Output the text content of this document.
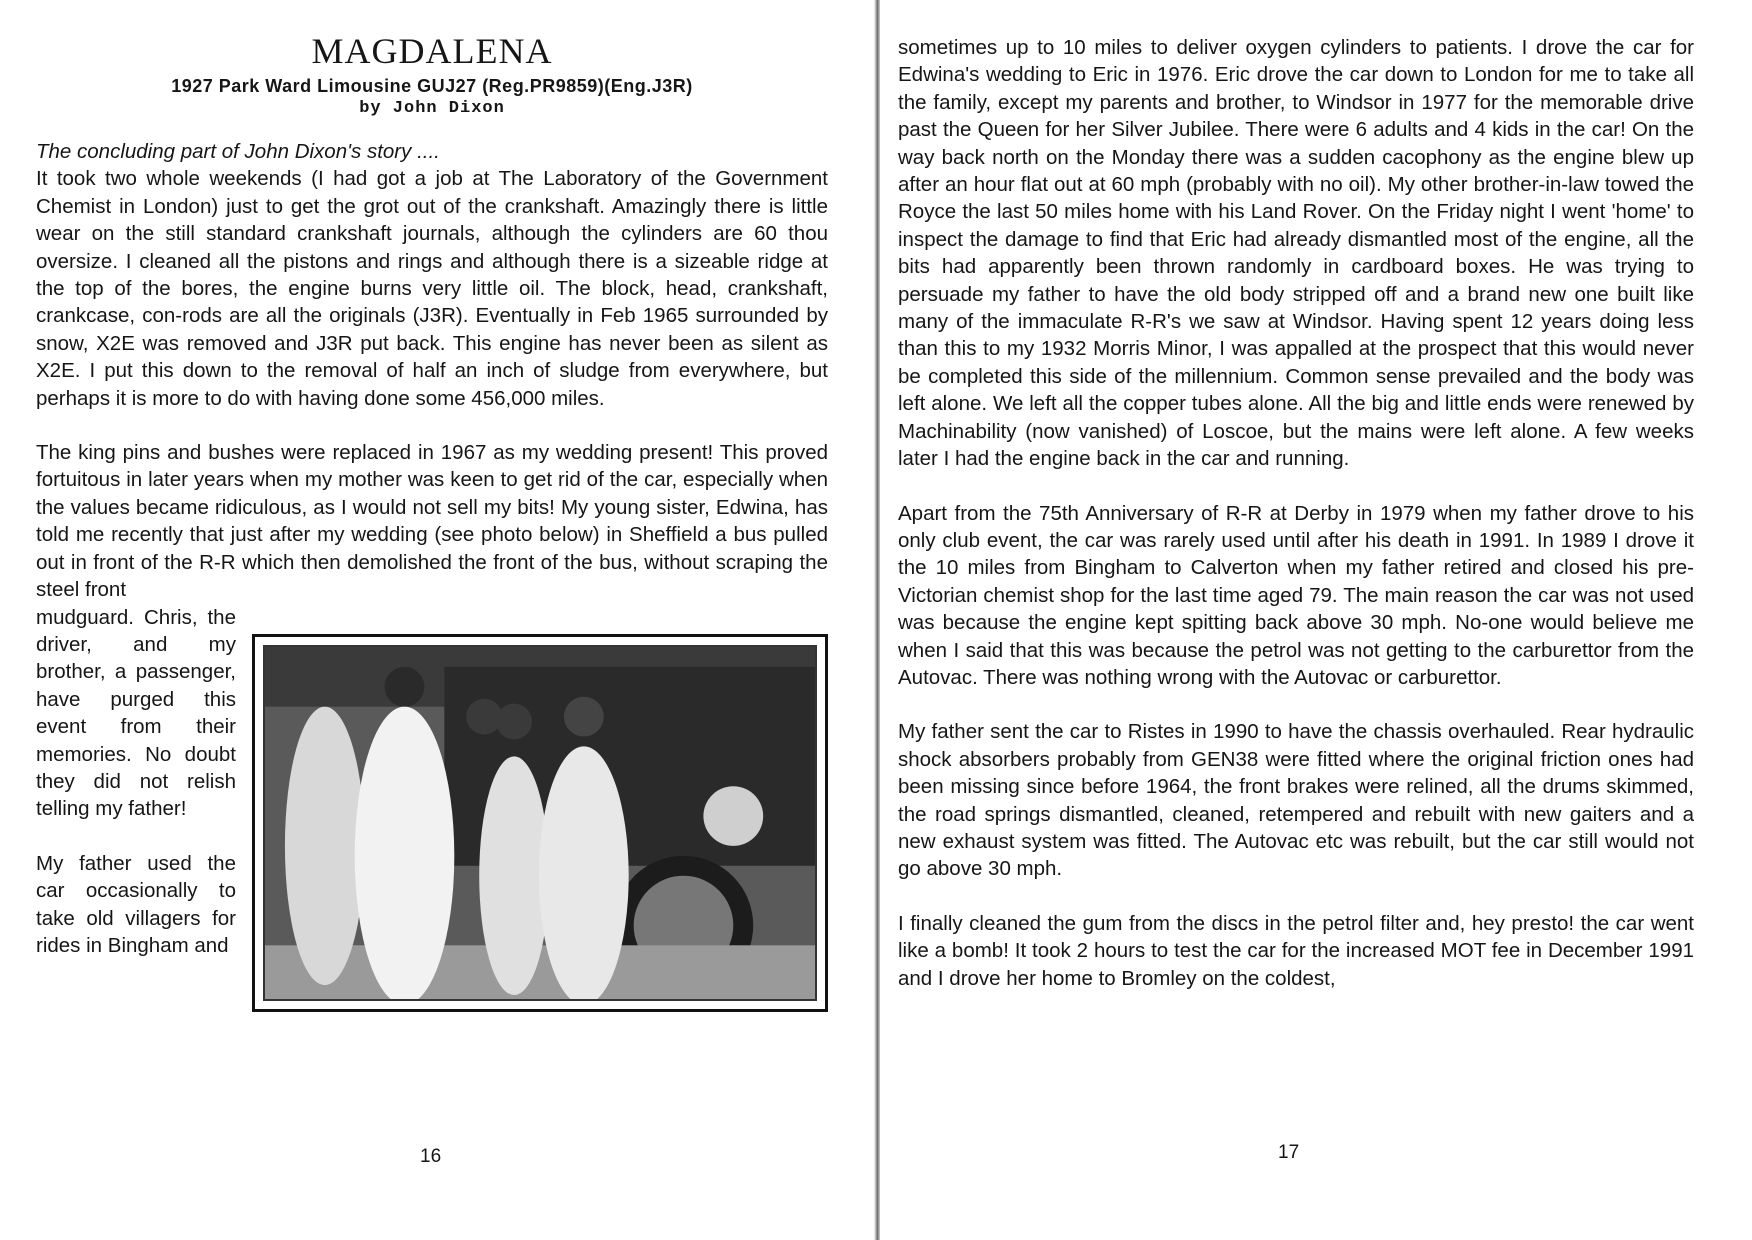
MAGDALENA
1927 Park Ward Limousine GUJ27 (Reg.PR9859)(Eng.J3R)
by John Dixon

The concluding part of John Dixon's story ....

It took two whole weekends (I had got a job at The Laboratory of the Government Chemist in London) just to get the grot out of the crankshaft. Amazingly there is little wear on the still standard crankshaft journals, although the cylinders are 60 thou oversize. I cleaned all the pistons and rings and although there is a sizeable ridge at the top of the bores, the engine burns very little oil. The block, head, crankshaft, crankcase, con-rods are all the originals (J3R). Eventually in Feb 1965 surrounded by snow, X2E was removed and J3R put back. This engine has never been as silent as X2E. I put this down to the removal of half an inch of sludge from everywhere, but perhaps it is more to do with having done some 456,000 miles.

The king pins and bushes were replaced in 1967 as my wedding present! This proved fortuitous in later years when my mother was keen to get rid of the car, especially when the values became ridiculous, as I would not sell my bits! My young sister, Edwina, has told me recently that just after my wedding (see photo below) in Sheffield a bus pulled out in front of the R-R which then demolished the front of the bus, without scraping the steel front

mudguard. Chris, the driver, and my brother, a passenger, have purged this event from their memories. No doubt they did not relish telling my father!

My father used the car occasionally to take old villagers for rides in Bingham and

16

sometimes up to 10 miles to deliver oxygen cylinders to patients. I drove the car for Edwina's wedding to Eric in 1976. Eric drove the car down to London for me to take all the family, except my parents and brother, to Windsor in 1977 for the memorable drive past the Queen for her Silver Jubilee. There were 6 adults and 4 kids in the car! On the way back north on the Monday there was a sudden cacophony as the engine blew up after an hour flat out at 60 mph (probably with no oil). My other brother-in-law towed the Royce the last 50 miles home with his Land Rover. On the Friday night I went 'home' to inspect the damage to find that Eric had already dismantled most of the engine, all the bits had apparently been thrown randomly in cardboard boxes. He was trying to persuade my father to have the old body stripped off and a brand new one built like many of the immaculate R-R's we saw at Windsor. Having spent 12 years doing less than this to my 1932 Morris Minor, I was appalled at the prospect that this would never be completed this side of the millennium. Common sense prevailed and the body was left alone. We left all the copper tubes alone. All the big and little ends were renewed by Machinability (now vanished) of Loscoe, but the mains were left alone. A few weeks later I had the engine back in the car and running.

Apart from the 75th Anniversary of R-R at Derby in 1979 when my father drove to his only club event, the car was rarely used until after his death in 1991. In 1989 I drove it the 10 miles from Bingham to Calverton when my father retired and closed his pre-Victorian chemist shop for the last time aged 79. The main reason the car was not used was because the engine kept spitting back above 30 mph. No-one would believe me when I said that this was because the petrol was not getting to the carburettor from the Autovac. There was nothing wrong with the Autovac or carburettor.

My father sent the car to Ristes in 1990 to have the chassis overhauled. Rear hydraulic shock absorbers probably from GEN38 were fitted where the original friction ones had been missing since before 1964, the front brakes were relined, all the drums skimmed, the road springs dismantled, cleaned, retempered and rebuilt with new gaiters and a new exhaust system was fitted. The Autovac etc was rebuilt, but the car still would not go above 30 mph.

I finally cleaned the gum from the discs in the petrol filter and, hey presto! the car went like a bomb! It took 2 hours to test the car for the increased MOT fee in December 1991 and I drove her home to Bromley on the coldest,

17
